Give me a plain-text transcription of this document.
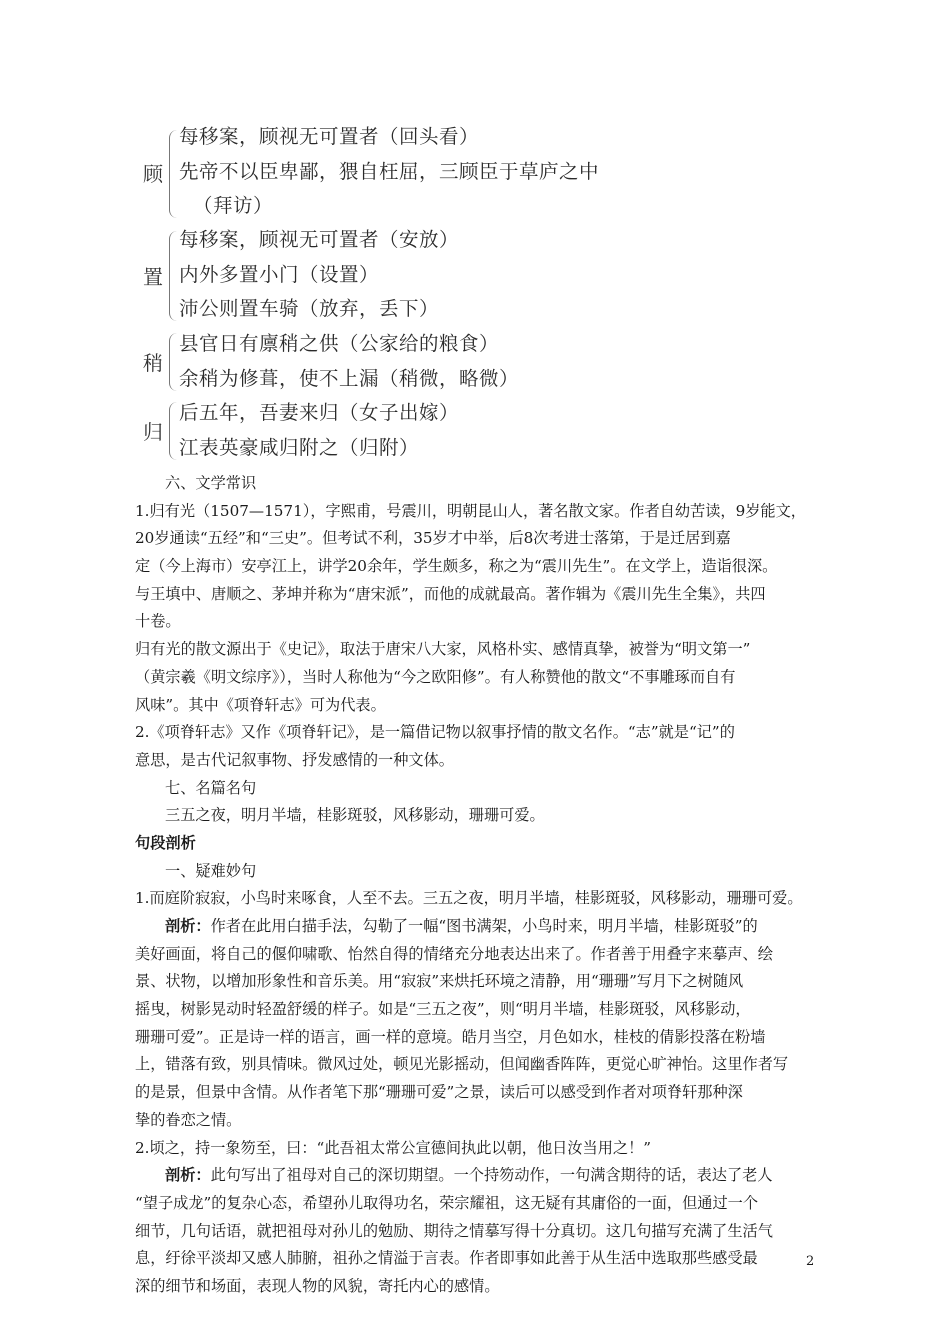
顾
每移案，顾视无可置者（回头看）
先帝不以臣卑鄙，猥自枉屈，三顾臣于草庐之中
（拜访）
置
每移案，顾视无可置者（安放）
内外多置小门（设置）
沛公则置车骑（放弃，丢下）
稍
县官日有廪稍之供（公家给的粮食）
余稍为修葺，使不上漏（稍微，略微）
归
后五年，吾妻来归（女子出嫁）
江表英豪咸归附之（归附）
六、文学常识
1.归有光（1507—1571），字熙甫，号震川，明朝昆山人，著名散文家。作者自幼苦读，9岁能文，
20岁通读“五经”和“三史”。但考试不利，35岁才中举，后8次考进士落第，于是迁居到嘉
定（今上海市）安亭江上，讲学20余年，学生颇多，称之为“震川先生”。在文学上，造诣很深。
与王填中、唐顺之、茅坤并称为“唐宋派”，而他的成就最高。著作辑为《震川先生全集》，共四
十卷。
归有光的散文源出于《史记》，取法于唐宋八大家，风格朴实、感情真挚，被誉为“明文第一”
（黄宗羲《明文综序》），当时人称他为“今之欧阳修”。有人称赞他的散文“不事雕琢而自有
风味”。其中《项脊轩志》可为代表。
2.《项脊轩志》又作《项脊轩记》，是一篇借记物以叙事抒情的散文名作。“志”就是“记”的
意思，是古代记叙事物、抒发感情的一种文体。
七、名篇名句
三五之夜，明月半墙，桂影斑驳，风移影动，珊珊可爱。
句段剖析
一、疑难妙句
1.而庭阶寂寂，小鸟时来啄食，人至不去。三五之夜，明月半墙，桂影斑驳，风移影动，珊珊可爱。
剖析：作者在此用白描手法，勾勒了一幅“图书满架，小鸟时来，明月半墙，桂影斑驳”的
美好画面，将自己的偃仰啸歌、怡然自得的情绪充分地表达出来了。作者善于用叠字来摹声、绘
景、状物，以增加形象性和音乐美。用“寂寂”来烘托环境之清静，用“珊珊”写月下之树随风
摇曳，树影晃动时轻盈舒缓的样子。如是“三五之夜”，则“明月半墙，桂影斑驳，风移影动，
珊珊可爱”。正是诗一样的语言，画一样的意境。皓月当空，月色如水，桂枝的倩影投落在粉墙
上，错落有致，别具情味。微风过处，顿见光影摇动，但闻幽香阵阵，更觉心旷神怡。这里作者写
的是景，但景中含情。从作者笔下那“珊珊可爱”之景，读后可以感受到作者对项脊轩那种深
挚的眷恋之情。
2.顷之，持一象笏至，曰：“此吾祖太常公宣德间执此以朝，他日汝当用之！”
剖析：此句写出了祖母对自己的深切期望。一个持笏动作，一句满含期待的话，表达了老人
“望子成龙”的复杂心态，希望孙儿取得功名，荣宗耀祖，这无疑有其庸俗的一面，但通过一个
细节，几句话语，就把祖母对孙儿的勉励、期待之情摹写得十分真切。这几句描写充满了生活气
息，纡徐平淡却又感人肺腑，祖孙之情溢于言表。作者即事如此善于从生活中选取那些感受最
深的细节和场面，表现人物的风貌，寄托内心的感情。
2
